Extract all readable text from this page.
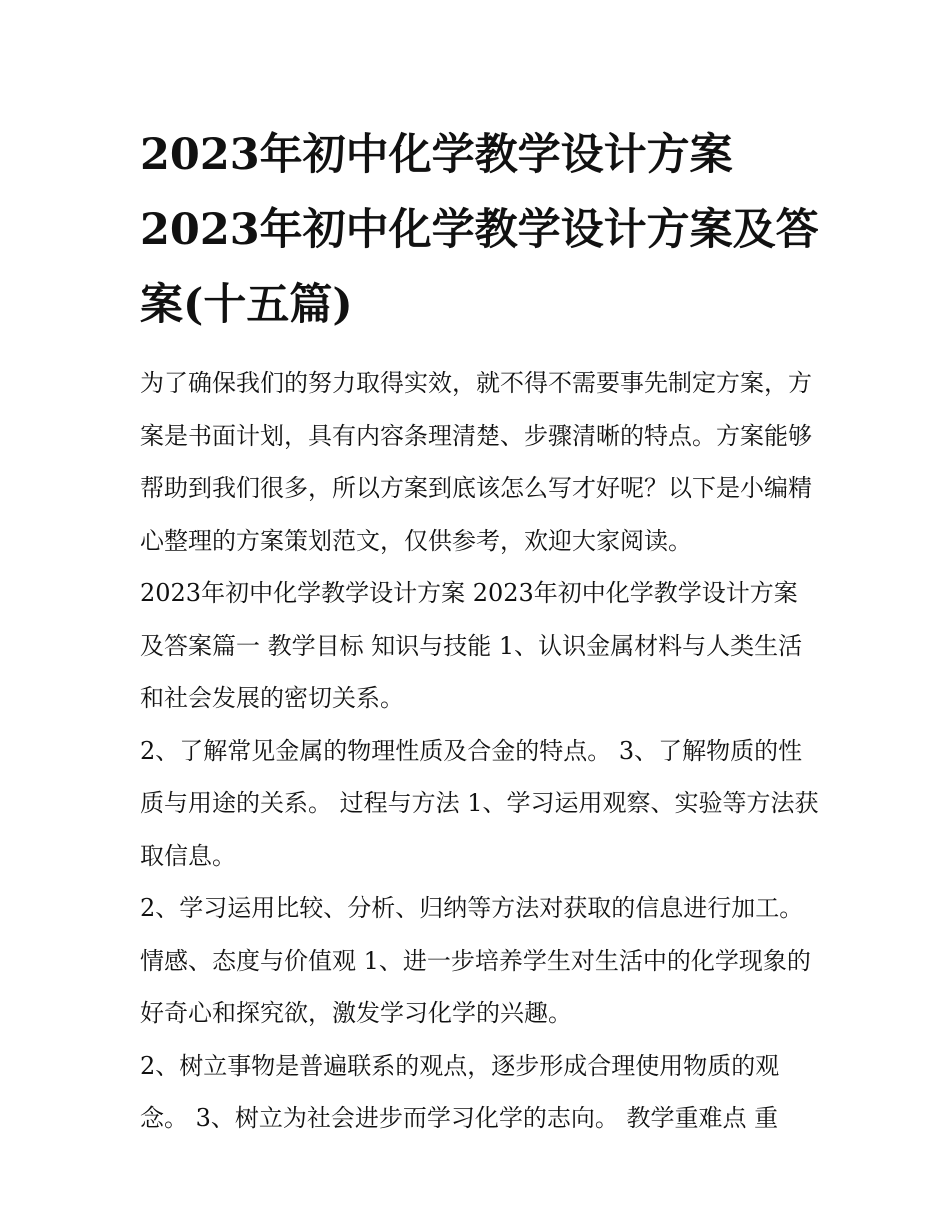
2023年初中化学教学设计方案 2023年初中化学教学设计方案及答案(十五篇)

为了确保我们的努力取得实效，就不得不需要事先制定方案，方案是书面计划，具有内容条理清楚、步骤清晰的特点。方案能够帮助到我们很多，所以方案到底该怎么写才好呢？以下是小编精心整理的方案策划范文，仅供参考，欢迎大家阅读。

2023年初中化学教学设计方案 2023年初中化学教学设计方案及答案篇一 教学目标 知识与技能 1、认识金属材料与人类生活和社会发展的密切关系。

2、了解常见金属的物理性质及合金的特点。 3、了解物质的性质与用途的关系。 过程与方法 1、学习运用观察、实验等方法获取信息。

2、学习运用比较、分析、归纳等方法对获取的信息进行加工。 情感、态度与价值观 1、进一步培养学生对生活中的化学现象的好奇心和探究欲，激发学习化学的兴趣。

2、树立事物是普遍联系的观点，逐步形成合理使用物质的观念。 3、树立为社会进步而学习化学的志向。 教学重难点 重
